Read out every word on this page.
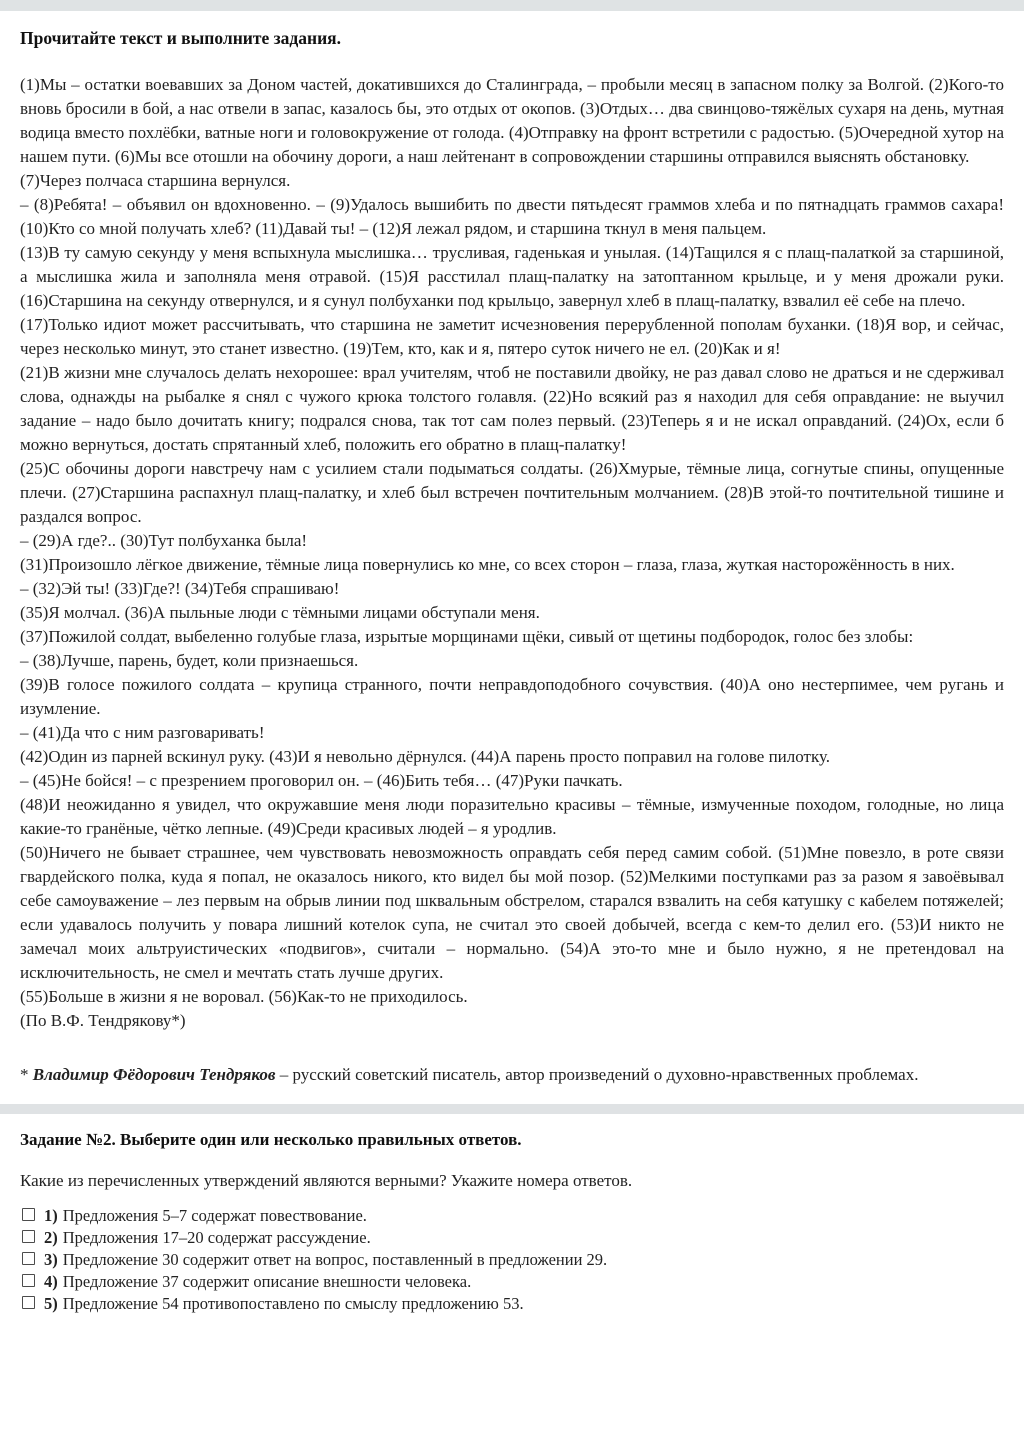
Прочитайте текст и выполните задания.

(1)Мы – остатки воевавших за Доном частей, докатившихся до Сталинграда, – пробыли месяц в запасном полку за Волгой. (2)Кого-то вновь бросили в бой, а нас отвели в запас, казалось бы, это отдых от окопов. (3)Отдых… два свинцово-тяжёлых сухаря на день, мутная водица вместо похлёбки, ватные ноги и головокружение от голода. (4)Отправку на фронт встретили с радостью. (5)Очередной хутор на нашем пути. (6)Мы все отошли на обочину дороги, а наш лейтенант в сопровождении старшины отправился выяснять обстановку.

(7)Через полчаса старшина вернулся.

– (8)Ребята! – объявил он вдохновенно. – (9)Удалось вышибить по двести пятьдесят граммов хлеба и по пятнадцать граммов сахара! (10)Кто со мной получать хлеб? (11)Давай ты! – (12)Я лежал рядом, и старшина ткнул в меня пальцем.

(13)В ту самую секунду у меня вспыхнула мыслишка… трусливая, гаденькая и унылая. (14)Тащился я с плащ-палаткой за старшиной, а мыслишка жила и заполняла меня отравой. (15)Я расстилал плащ-палатку на затоптанном крыльце, и у меня дрожали руки. (16)Старшина на секунду отвернулся, и я сунул полбуханки под крыльцо, завернул хлеб в плащ-палатку, взвалил её себе на плечо.

(17)Только идиот может рассчитывать, что старшина не заметит исчезновения перерубленной пополам буханки. (18)Я вор, и сейчас, через несколько минут, это станет известно. (19)Тем, кто, как и я, пятеро суток ничего не ел. (20)Как и я!

(21)В жизни мне случалось делать нехорошее: врал учителям, чтоб не поставили двойку, не раз давал слово не драться и не сдерживал слова, однажды на рыбалке я снял с чужого крюка толстого голавля. (22)Но всякий раз я находил для себя оправдание: не выучил задание – надо было дочитать книгу; подрался снова, так тот сам полез первый. (23)Теперь я и не искал оправданий. (24)Ох, если б можно вернуться, достать спрятанный хлеб, положить его обратно в плащ-палатку!

(25)С обочины дороги навстречу нам с усилием стали подыматься солдаты. (26)Хмурые, тёмные лица, согнутые спины, опущенные плечи. (27)Старшина распахнул плащ-палатку, и хлеб был встречен почтительным молчанием. (28)В этой-то почтительной тишине и раздался вопрос.

– (29)А где?.. (30)Тут полбуханка была!

(31)Произошло лёгкое движение, тёмные лица повернулись ко мне, со всех сторон – глаза, глаза, жуткая насторожённость в них.

– (32)Эй ты! (33)Где?! (34)Тебя спрашиваю!

(35)Я молчал. (36)А пыльные люди с тёмными лицами обступали меня.

(37)Пожилой солдат, выбеленно голубые глаза, изрытые морщинами щёки, сивый от щетины подбородок, голос без злобы:

– (38)Лучше, парень, будет, коли признаешься.

(39)В голосе пожилого солдата – крупица странного, почти неправдоподобного сочувствия. (40)А оно нестерпимее, чем ругань и изумление.

– (41)Да что с ним разговаривать!

(42)Один из парней вскинул руку. (43)И я невольно дёрнулся. (44)А парень просто поправил на голове пилотку.

– (45)Не бойся! – с презрением проговорил он. – (46)Бить тебя… (47)Руки пачкать.

(48)И неожиданно я увидел, что окружавшие меня люди поразительно красивы – тёмные, измученные походом, голодные, но лица какие-то гранёные, чётко лепные. (49)Среди красивых людей – я уродлив.

(50)Ничего не бывает страшнее, чем чувствовать невозможность оправдать себя перед самим собой. (51)Мне повезло, в роте связи гвардейского полка, куда я попал, не оказалось никого, кто видел бы мой позор. (52)Мелкими поступками раз за разом я завоёвывал себе самоуважение – лез первым на обрыв линии под шквальным обстрелом, старался взвалить на себя катушку с кабелем потяжелей; если удавалось получить у повара лишний котелок супа, не считал это своей добычей, всегда с кем-то делил его. (53)И никто не замечал моих альтруистических «подвигов», считали – нормально. (54)А это-то мне и было нужно, я не претендовал на исключительность, не смел и мечтать стать лучше других.

(55)Больше в жизни я не воровал. (56)Как-то не приходилось.

(По В.Ф. Тендрякову*)

* Владимир Фёдорович Тендряков – русский советский писатель, автор произведений о духовно-нравственных проблемах.

Задание №2. Выберите один или несколько правильных ответов.

Какие из перечисленных утверждений являются верными? Укажите номера ответов.

1) Предложения 5–7 содержат повествование.
2) Предложения 17–20 содержат рассуждение.
3) Предложение 30 содержит ответ на вопрос, поставленный в предложении 29.
4) Предложение 37 содержит описание внешности человека.
5) Предложение 54 противопоставлено по смыслу предложению 53.
